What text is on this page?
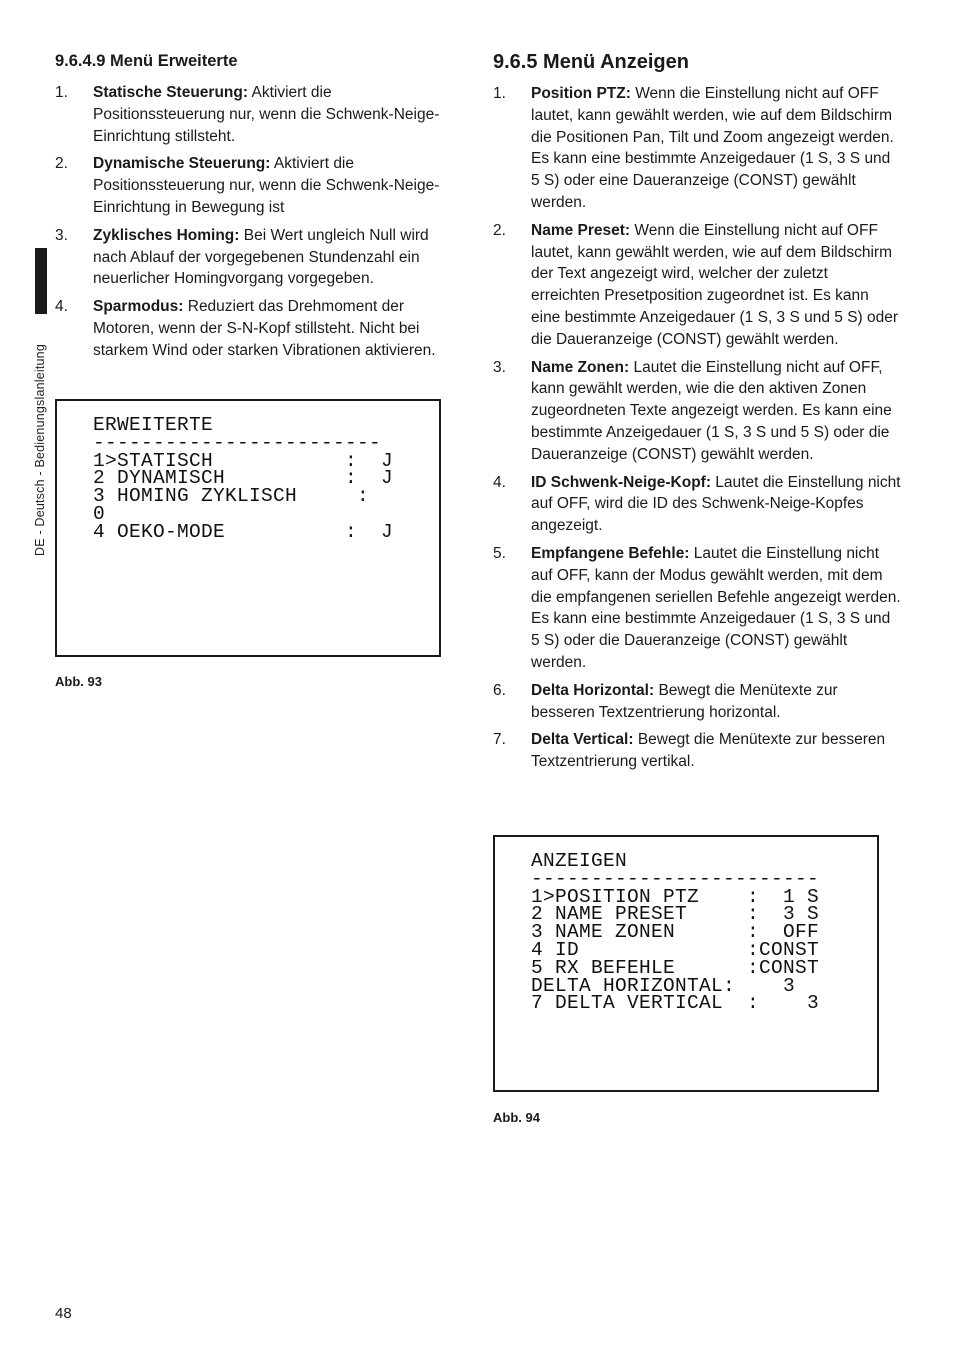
DE - Deutsch - Bedienungslanleitung
9.6.4.9 Menü Erweiterte
1. Statische Steuerung: Aktiviert die Positionssteuerung nur, wenn die Schwenk-Neige-Einrichtung stillsteht.
2. Dynamische Steuerung: Aktiviert die Positionssteuerung nur, wenn die Schwenk-Neige-Einrichtung in Bewegung ist
3. Zyklisches Homing: Bei Wert ungleich Null wird nach Ablauf der vorgegebenen Stundenzahl ein neuerlicher Homingvorgang vorgegeben.
4. Sparmodus: Reduziert das Drehmoment der Motoren, wenn der S-N-Kopf stillsteht. Nicht bei starkem Wind oder starken Vibrationen aktivieren.
ERWEITERTE
------------------------
1>STATISCH           :  J
2 DYNAMISCH          :  J
3 HOMING ZYKLISCH     :
0
4 OEKO-MODE          :  J
Abb. 93
9.6.5 Menü Anzeigen
1. Position PTZ: Wenn die Einstellung nicht auf OFF lautet, kann gewählt werden, wie auf dem Bildschirm die Positionen Pan, Tilt und Zoom angezeigt werden. Es kann eine bestimmte Anzeigedauer (1 S, 3 S und 5 S) oder eine Daueranzeige (CONST) gewählt werden.
2. Name Preset: Wenn die Einstellung nicht auf OFF lautet, kann gewählt werden, wie auf dem Bildschirm der Text angezeigt wird, welcher der zuletzt erreichten Presetposition zugeordnet ist. Es kann eine bestimmte Anzeigedauer (1 S, 3 S und 5 S) oder die Daueranzeige (CONST) gewählt werden.
3. Name Zonen: Lautet die Einstellung nicht auf OFF, kann gewählt werden, wie die den aktiven Zonen zugeordneten Texte angezeigt werden. Es kann eine bestimmte Anzeigedauer (1 S, 3 S und 5 S) oder die Daueranzeige (CONST) gewählt werden.
4. ID Schwenk-Neige-Kopf: Lautet die Einstellung nicht auf OFF, wird die ID des Schwenk-Neige-Kopfes angezeigt.
5. Empfangene Befehle: Lautet die Einstellung nicht auf OFF, kann der Modus gewählt werden, mit dem die empfangenen seriellen Befehle angezeigt werden. Es kann eine bestimmte Anzeigedauer (1 S, 3 S und 5 S) oder die Daueranzeige (CONST) gewählt werden.
6. Delta Horizontal: Bewegt die Menütexte zur besseren Textzentrierung horizontal.
7. Delta Vertical: Bewegt die Menütexte zur besseren Textzentrierung vertikal.
ANZEIGEN
------------------------
1>POSITION PTZ    :  1 S
2 NAME PRESET     :  3 S
3 NAME ZONEN      :  OFF
4 ID              :CONST
5 RX BEFEHLE      :CONST
DELTA HORIZONTAL:    3
7 DELTA VERTICAL  :    3
Abb. 94
48
